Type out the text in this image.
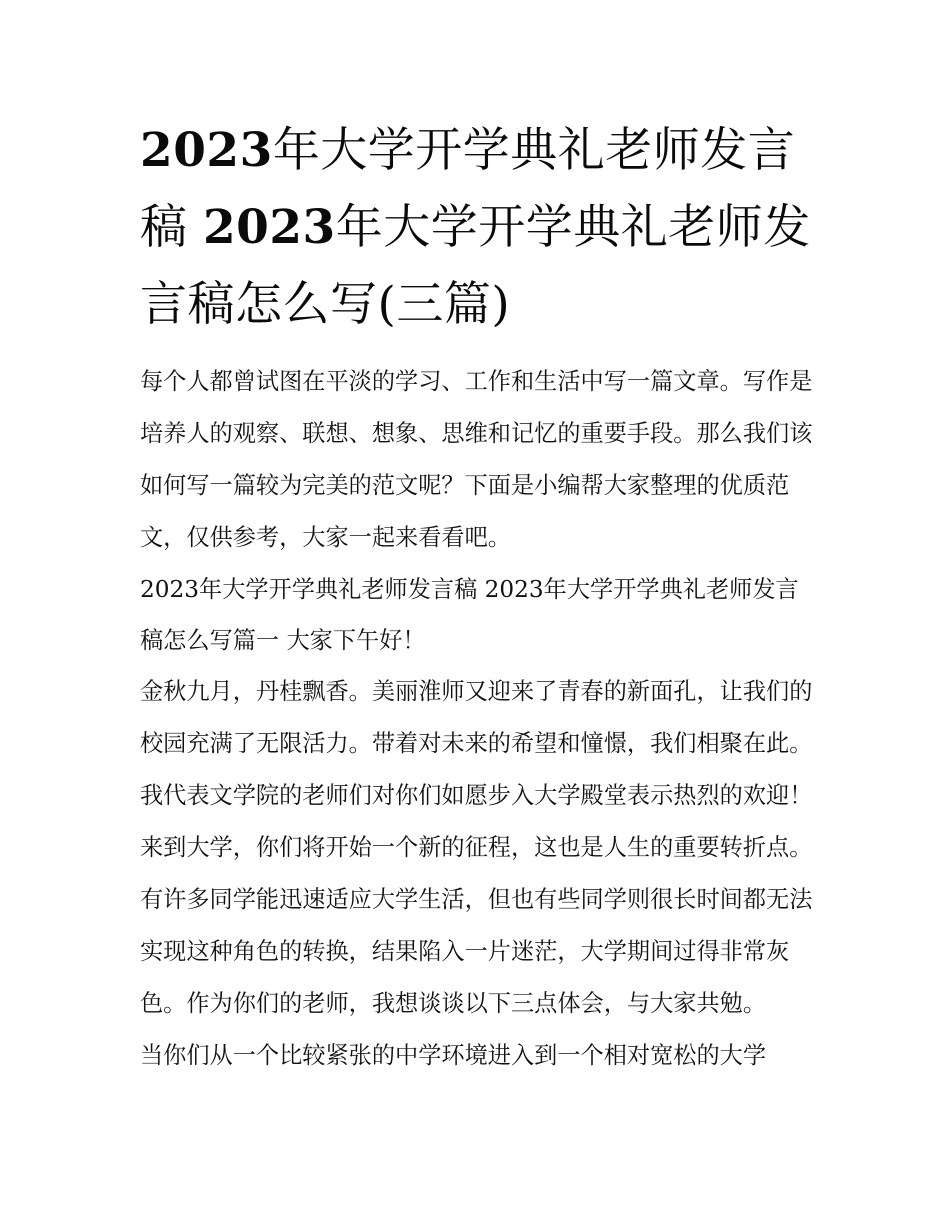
2023年大学开学典礼老师发言稿 2023年大学开学典礼老师发言稿怎么写(三篇)

每个人都曾试图在平淡的学习、工作和生活中写一篇文章。写作是培养人的观察、联想、想象、思维和记忆的重要手段。那么我们该如何写一篇较为完美的范文呢？下面是小编帮大家整理的优质范文，仅供参考，大家一起来看看吧。

2023年大学开学典礼老师发言稿 2023年大学开学典礼老师发言稿怎么写篇一 大家下午好！

金秋九月，丹桂飘香。美丽淮师又迎来了青春的新面孔，让我们的校园充满了无限活力。带着对未来的希望和憧憬，我们相聚在此。我代表文学院的老师们对你们如愿步入大学殿堂表示热烈的欢迎！来到大学，你们将开始一个新的征程，这也是人生的重要转折点。有许多同学能迅速适应大学生活，但也有些同学则很长时间都无法实现这种角色的转换，结果陷入一片迷茫，大学期间过得非常灰色。作为你们的老师，我想谈谈以下三点体会，与大家共勉。

当你们从一个比较紧张的中学环境进入到一个相对宽松的大学
